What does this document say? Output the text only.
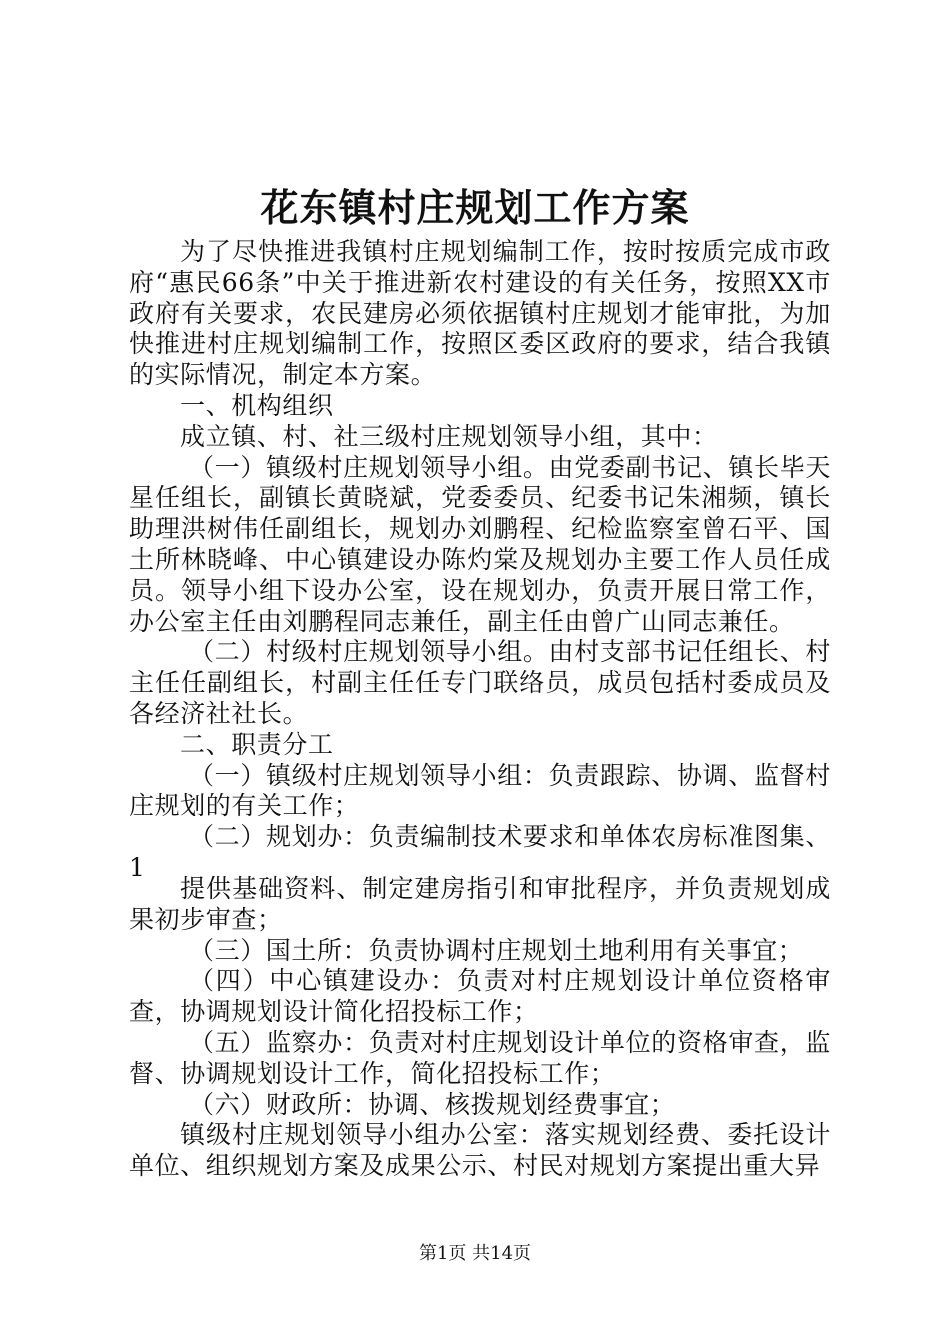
花东镇村庄规划工作方案

为了尽快推进我镇村庄规划编制工作，按时按质完成市政府“惠民66条”中关于推进新农村建设的有关任务，按照XX市政府有关要求，农民建房必须依据镇村庄规划才能审批，为加快推进村庄规划编制工作，按照区委区政府的要求，结合我镇的实际情况，制定本方案。

一、机构组织

成立镇、村、社三级村庄规划领导小组，其中：

（一）镇级村庄规划领导小组。由党委副书记、镇长毕天星任组长，副镇长黄晓斌，党委委员、纪委书记朱湘频，镇长助理洪树伟任副组长，规划办刘鹏程、纪检监察室曾石平、国土所林晓峰、中心镇建设办陈灼棠及规划办主要工作人员任成员。领导小组下设办公室，设在规划办，负责开展日常工作，办公室主任由刘鹏程同志兼任，副主任由曾广山同志兼任。

（二）村级村庄规划领导小组。由村支部书记任组长、村主任任副组长，村副主任任专门联络员，成员包括村委成员及各经济社社长。

二、职责分工

（一）镇级村庄规划领导小组：负责跟踪、协调、监督村庄规划的有关工作；

（二）规划办：负责编制技术要求和单体农房标准图集、1

提供基础资料、制定建房指引和审批程序，并负责规划成果初步审查；

（三）国土所：负责协调村庄规划土地利用有关事宜；

（四）中心镇建设办：负责对村庄规划设计单位资格审查，协调规划设计简化招投标工作；

（五）监察办：负责对村庄规划设计单位的资格审查，监督、协调规划设计工作，简化招投标工作；

（六）财政所：协调、核拨规划经费事宜；

镇级村庄规划领导小组办公室：落实规划经费、委托设计单位、组织规划方案及成果公示、村民对规划方案提出重大异

第1页 共14页
